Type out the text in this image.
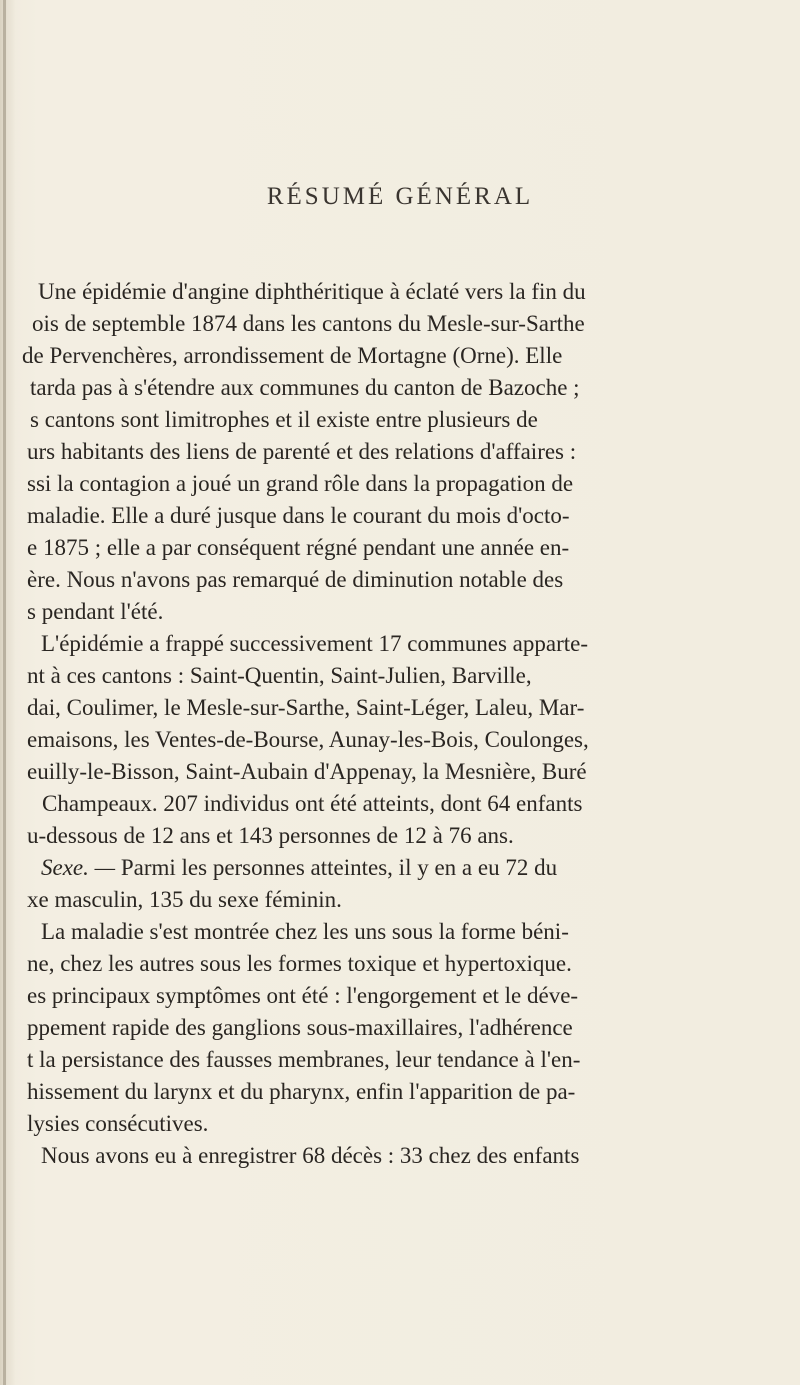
RÉSUMÉ GÉNÉRAL
Une épidémie d'angine diphthéritique à éclaté vers la fin du
ois de septemble 1874 dans les cantons du Mesle-sur-Sarthe
de Pervenchères, arrondissement de Mortagne (Orne). Elle
tarda pas à s'étendre aux communes du canton de Bazoche ;
s cantons sont limitrophes et il existe entre plusieurs de
urs habitants des liens de parenté et des relations d'affaires :
ssi la contagion a joué un grand rôle dans la propagation de
maladie. Elle a duré jusque dans le courant du mois d'octo-
e 1875 ; elle a par conséquent régné pendant une année en-
ère. Nous n'avons pas remarqué de diminution notable des
s pendant l'été.
L'épidémie a frappé successivement 17 communes apparte-
nt à ces cantons : Saint-Quentin, Saint-Julien, Barville,
dai, Coulimer, le Mesle-sur-Sarthe, Saint-Léger, Laleu, Mar-
emaisons, les Ventes-de-Bourse, Aunay-les-Bois, Coulonges,
euilly-le-Bisson, Saint-Aubain d'Appenay, la Mesnière, Buré
Champeaux. 207 individus ont été atteints, dont 64 enfants
u-dessous de 12 ans et 143 personnes de 12 à 76 ans.
Sexe. — Parmi les personnes atteintes, il y en a eu 72 du
xe masculin, 135 du sexe féminin.
La maladie s'est montrée chez les uns sous la forme béni-
ne, chez les autres sous les formes toxique et hypertoxique.
es principaux symptômes ont été : l'engorgement et le déve-
ppement rapide des ganglions sous-maxillaires, l'adhérence
t la persistance des fausses membranes, leur tendance à l'en-
hissement du larynx et du pharynx, enfin l'apparition de pa-
lysies consécutives.
Nous avons eu à enregistrer 68 décès : 33 chez des enfants
